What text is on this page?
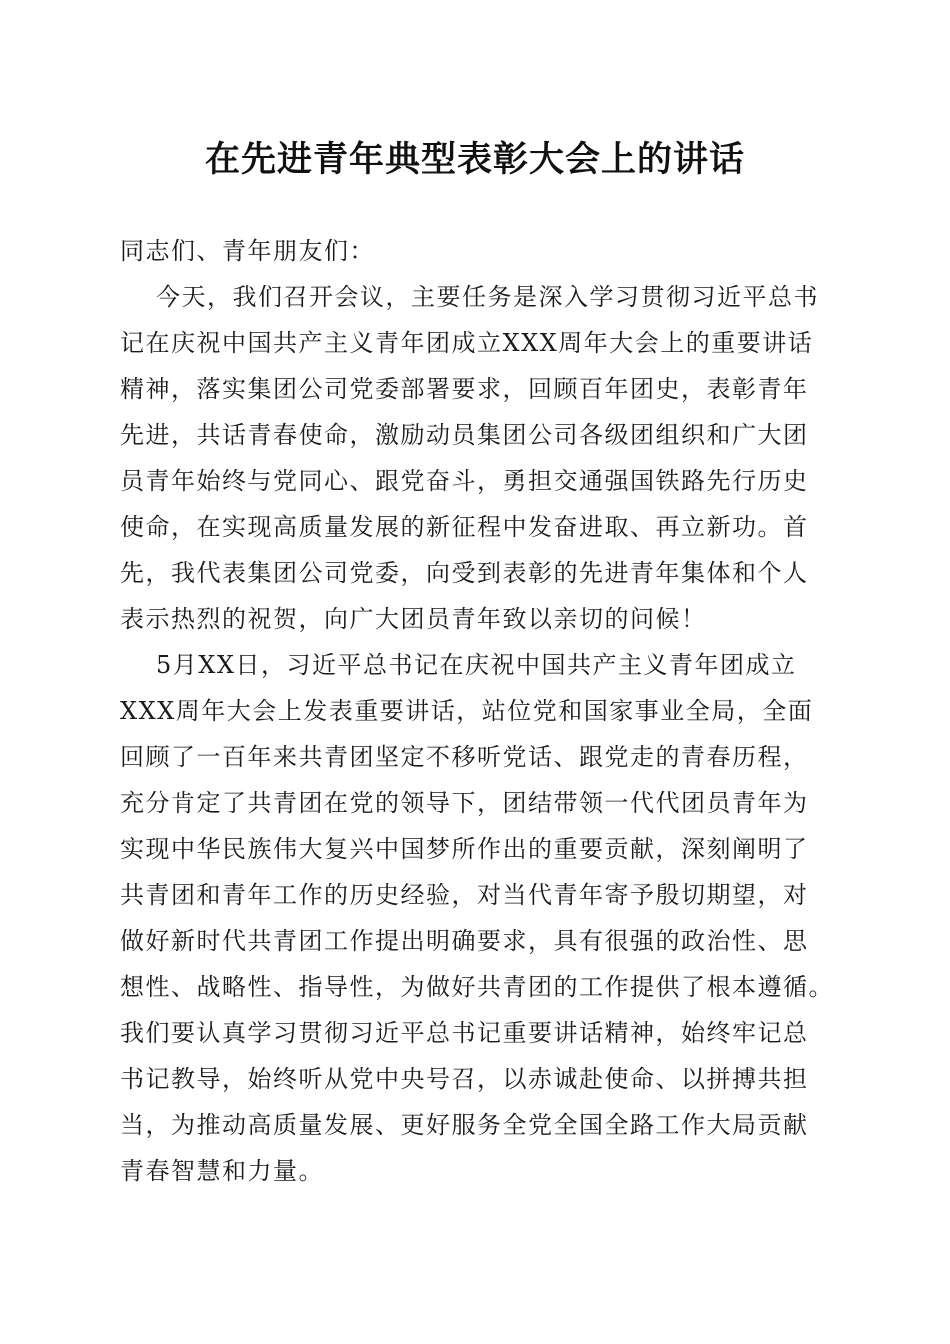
在先进青年典型表彰大会上的讲话
同志们、青年朋友们：
今天，我们召开会议，主要任务是深入学习贯彻习近平总书
记在庆祝中国共产主义青年团成立XXX周年大会上的重要讲话
精神，落实集团公司党委部署要求，回顾百年团史，表彰青年
先进，共话青春使命，激励动员集团公司各级团组织和广大团
员青年始终与党同心、跟党奋斗，勇担交通强国铁路先行历史
使命，在实现高质量发展的新征程中发奋进取、再立新功。首
先，我代表集团公司党委，向受到表彰的先进青年集体和个人
表示热烈的祝贺，向广大团员青年致以亲切的问候！
5月XX日，习近平总书记在庆祝中国共产主义青年团成立
XXX周年大会上发表重要讲话，站位党和国家事业全局，全面
回顾了一百年来共青团坚定不移听党话、跟党走的青春历程，
充分肯定了共青团在党的领导下，团结带领一代代团员青年为
实现中华民族伟大复兴中国梦所作出的重要贡献，深刻阐明了
共青团和青年工作的历史经验，对当代青年寄予殷切期望，对
做好新时代共青团工作提出明确要求，具有很强的政治性、思
想性、战略性、指导性，为做好共青团的工作提供了根本遵循。
我们要认真学习贯彻习近平总书记重要讲话精神，始终牢记总
书记教导，始终听从党中央号召，以赤诚赴使命、以拼搏共担
当，为推动高质量发展、更好服务全党全国全路工作大局贡献
青春智慧和力量。
